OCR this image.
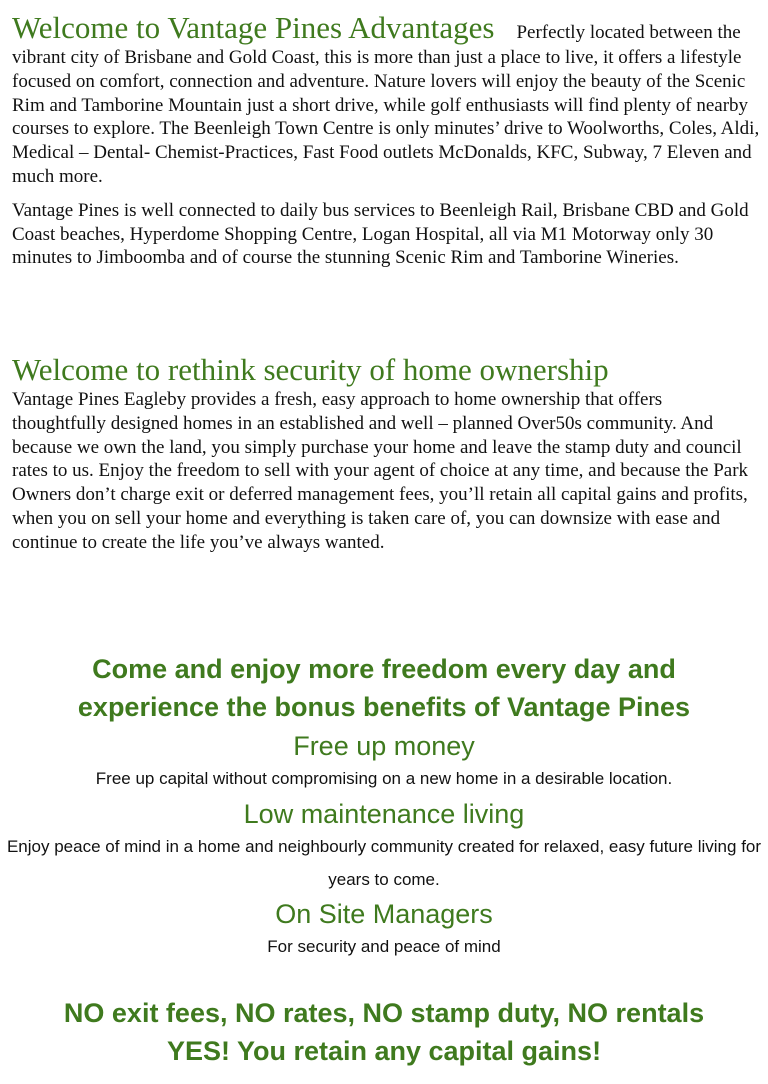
Welcome to Vantage Pines Advantages Perfectly located between the vibrant city of Brisbane and Gold Coast, this is more than just a place to live, it offers a lifestyle focused on comfort, connection and adventure. Nature lovers will enjoy the beauty of the Scenic Rim and Tamborine Mountain just a short drive, while golf enthusiasts will find plenty of nearby courses to explore. The Beenleigh Town Centre is only minutes’ drive to Woolworths, Coles, Aldi, Medical – Dental- Chemist-Practices, Fast Food outlets McDonalds, KFC, Subway, 7 Eleven and much more.

Vantage Pines is well connected to daily bus services to Beenleigh Rail, Brisbane CBD and Gold Coast beaches, Hyperdome Shopping Centre, Logan Hospital, all via M1 Motorway only 30 minutes to Jimboomba and of course the stunning Scenic Rim and Tamborine Wineries.

Welcome to rethink security of home ownership

Vantage Pines Eagleby provides a fresh, easy approach to home ownership that offers thoughtfully designed homes in an established and well – planned Over50s community. And because we own the land, you simply purchase your home and leave the stamp duty and council rates to us. Enjoy the freedom to sell with your agent of choice at any time, and because the Park Owners don’t charge exit or deferred management fees, you’ll retain all capital gains and profits, when you on sell your home and everything is taken care of, you can downsize with ease and continue to create the life you’ve always wanted.

Come and enjoy more freedom every day and
experience the bonus benefits of Vantage Pines
Free up money
Free up capital without compromising on a new home in a desirable location.
Low maintenance living
Enjoy peace of mind in a home and neighbourly community created for relaxed, easy future living for years to come.
On Site Managers
For security and peace of mind
NO exit fees, NO rates, NO stamp duty, NO rentals
YES! You retain any capital gains!
